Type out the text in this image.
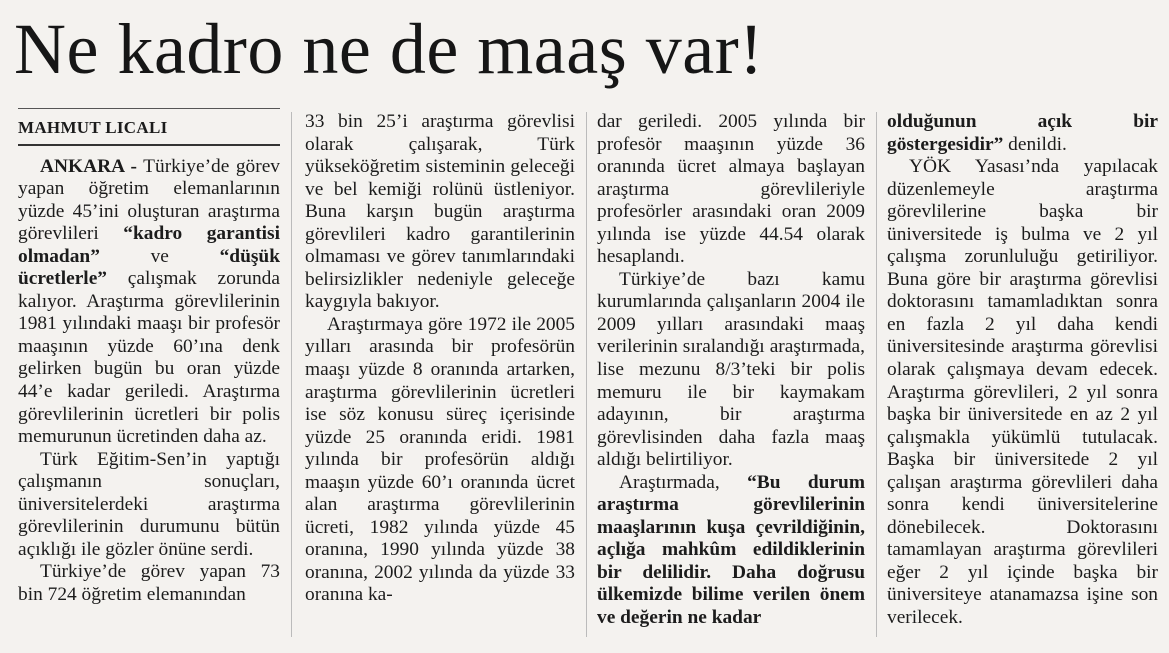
Ne kadro ne de maaş var!
MAHMUT LICALI

ANKARA - Türkiye’de görev yapan öğretim elemanlarının yüzde 45’ini oluşturan araştırma görevlileri “kadro garantisi olmadan” ve “düşük ücretlerle” çalışmak zorunda kalıyor. Araştırma görevlilerinin 1981 yılındaki maaşı bir profesör maaşının yüzde 60’ına denk gelirken bugün bu oran yüzde 44’e kadar geriledi. Araştırma görevlilerinin ücretleri bir polis memurunun ücretinden daha az.

Türk Eğitim-Sen’in yaptığı çalışmanın sonuçları, üniversitelerdeki araştırma görevlilerinin durumunu bütün açıklığı ile gözler önüne serdi.

Türkiye’de görev yapan 73 bin 724 öğretim elemanından

33 bin 25’i araştırma görevlisi olarak çalışarak, Türk yükseköğretim sisteminin geleceği ve bel kemiği rolünü üstleniyor. Buna karşın bugün araştırma görevlileri kadro garantilerinin olmaması ve görev tanımlarındaki belirsizlikler nedeniyle geleceğe kaygıyla bakıyor.

Araştırmaya göre 1972 ile 2005 yılları arasında bir profesörün maaşı yüzde 8 oranında artarken, araştırma görevlilerinin ücretleri ise söz konusu süreç içerisinde yüzde 25 oranında eridi. 1981 yılında bir profesörün aldığı maaşın yüzde 60’ı oranında ücret alan araştırma görevlilerinin ücreti, 1982 yılında yüzde 45 oranına, 1990 yılında yüzde 38 oranına, 2002 yılında da yüzde 33 oranına ka-

dar geriledi. 2005 yılında bir profesör maaşının yüzde 36 oranında ücret almaya başlayan araştırma görevlileriyle profesörler arasındaki oran 2009 yılında ise yüzde 44.54 olarak hesaplandı.

Türkiye’de bazı kamu kurumlarında çalışanların 2004 ile 2009 yılları arasındaki maaş verilerinin sıralandığı araştırmada, lise mezunu 8/3’teki bir polis memuru ile bir kaymakam adayının, bir araştırma görevlisinden daha fazla maaş aldığı belirtiliyor.

Araştırmada, “Bu durum araştırma görevlilerinin maaşlarının kuşa çevrildiğinin, açlığa mahkûm edildiklerinin bir delilidir. Daha doğrusu ülkemizde bilime verilen önem ve değerin ne kadar

olduğunun açık bir göstergesidir” denildi.

YÖK Yasası’nda yapılacak düzenlemeyle araştırma görevlilerine başka bir üniversitede iş bulma ve 2 yıl çalışma zorunluluğu getiriliyor. Buna göre bir araştırma görevlisi doktorasını tamamladıktan sonra en fazla 2 yıl daha kendi üniversitesinde araştırma görevlisi olarak çalışmaya devam edecek. Araştırma görevlileri, 2 yıl sonra başka bir üniversitede en az 2 yıl çalışmakla yükümlü tutulacak. Başka bir üniversitede 2 yıl çalışan araştırma görevlileri daha sonra kendi üniversitelerine dönebilecek. Doktorasını tamamlayan araştırma görevlileri eğer 2 yıl içinde başka bir üniversiteye atanamazsa işine son verilecek.
